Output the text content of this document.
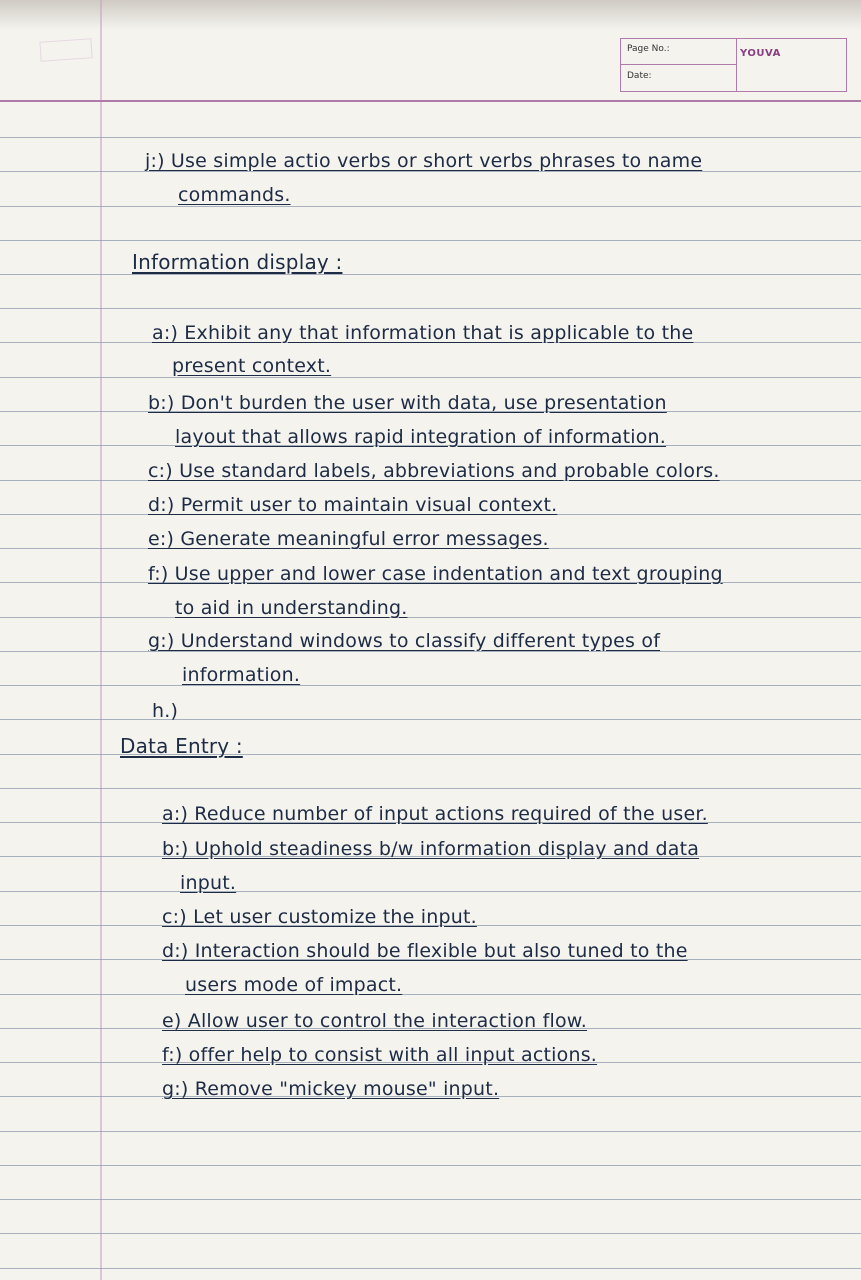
Page No.:
Date:
YOUVA
j:) Use simple actio verbs or short verbs phrases to name
commands.
Information display :
a:) Exhibit any that information that is applicable to the
present context.
b:) Don't burden the user with data, use presentation
layout that allows rapid integration of information.
c:) Use standard labels, abbreviations and probable colors.
d:) Permit user to maintain visual context.
e:) Generate meaningful error messages.
f:) Use upper and lower case indentation and text grouping
to aid in understanding.
g:) Understand windows to classify different types of
information.
h.)
Data Entry :
a:) Reduce number of input actions required of the user.
b:) Uphold steadiness b/w information display and data
input.
c:) Let user customize the input.
d:) Interaction should be flexible but also tuned to the
users mode of impact.
e) Allow user to control the interaction flow.
f:) offer help to consist with all input actions.
g:) Remove "mickey mouse" input.
